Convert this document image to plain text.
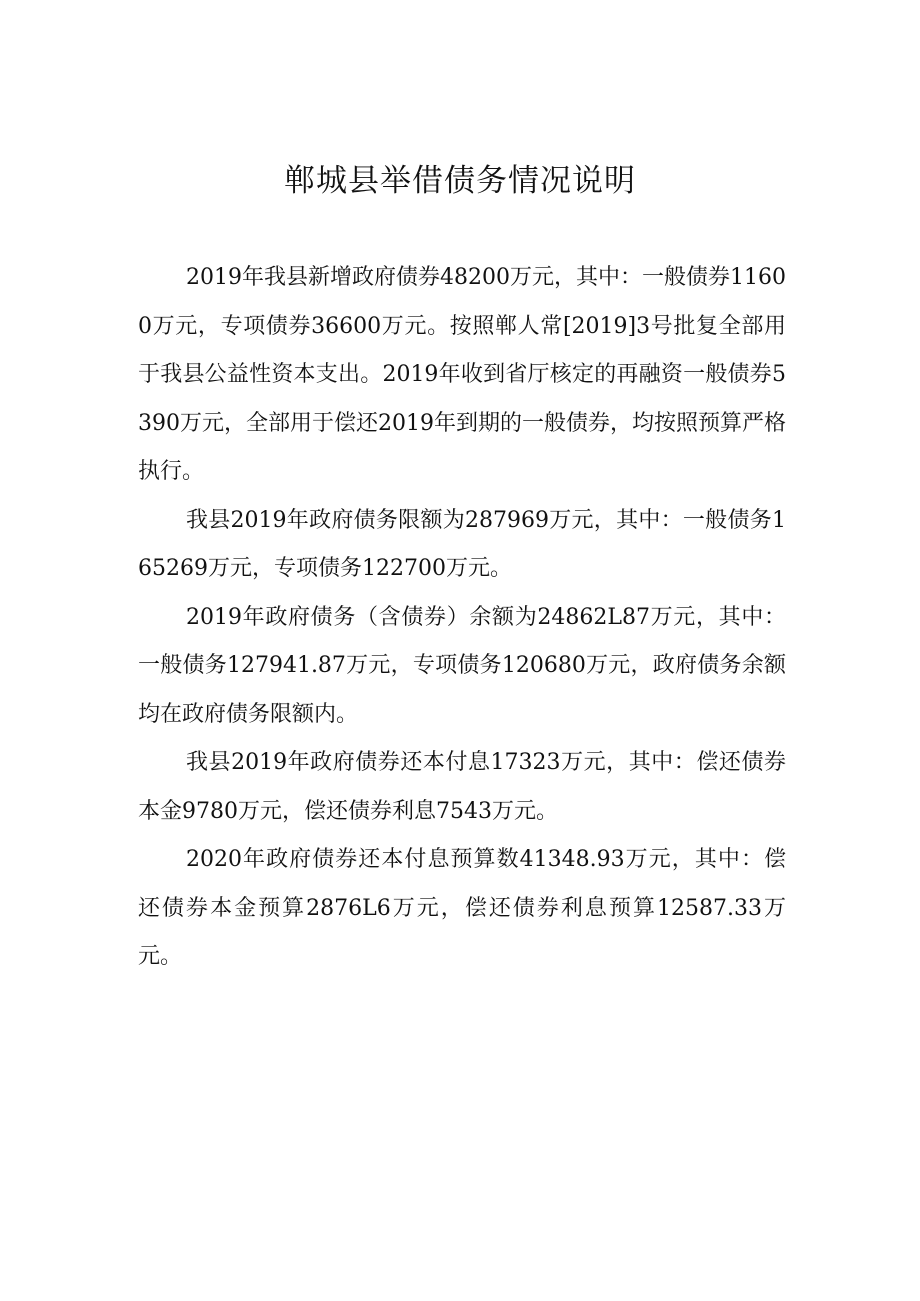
郸城县举借债务情况说明

2019年我县新增政府债券48200万元，其中：一般债券11600万元，专项债券36600万元。按照郸人常[2019]3号批复全部用于我县公益性资本支出。2019年收到省厅核定的再融资一般债券5390万元，全部用于偿还2019年到期的一般债券，均按照预算严格执行。

我县2019年政府债务限额为287969万元，其中：一般债务165269万元，专项债务122700万元。

2019年政府债务（含债券）余额为24862L87万元，其中：一般债务127941.87万元，专项债务120680万元，政府债务余额均在政府债务限额内。

我县2019年政府债券还本付息17323万元，其中：偿还债券本金9780万元，偿还债券利息7543万元。

2020年政府债券还本付息预算数41348.93万元，其中：偿还债券本金预算2876L6万元，偿还债券利息预算12587.33万元。
